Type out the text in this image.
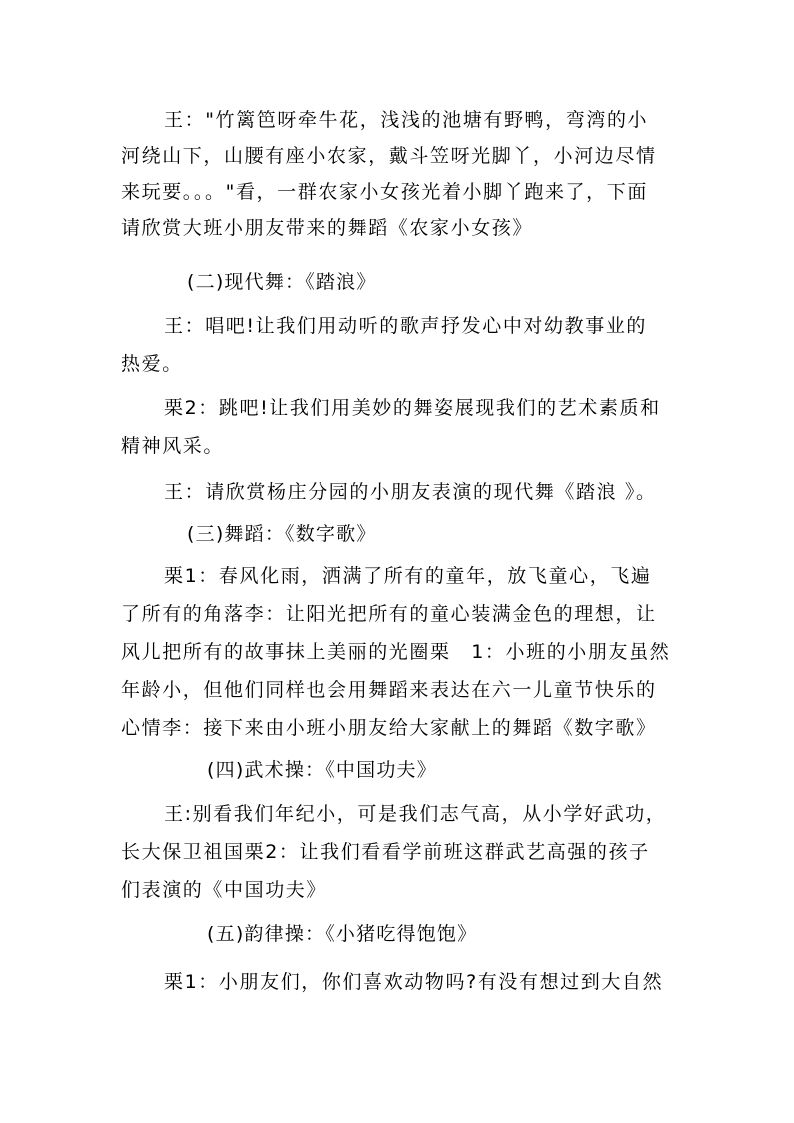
王："竹篱笆呀牵牛花，浅浅的池塘有野鸭，弯湾的小
河绕山下，山腰有座小农家，戴斗笠呀光脚丫，小河边尽情
来玩要。。。"看，一群农家小女孩光着小脚丫跑来了，下面
请欣赏大班小朋友带来的舞蹈《农家小女孩》
(二)现代舞：《踏浪》
王：唱吧!让我们用动听的歌声抒发心中对幼教事业的
热爱。
栗2：跳吧!让我们用美妙的舞姿展现我们的艺术素质和
精神风采。
王：请欣赏杨庄分园的小朋友表演的现代舞《踏浪 》。
(三)舞蹈：《数字歌》
栗1：春风化雨，洒满了所有的童年，放飞童心，飞遍
了所有的角落李：让阳光把所有的童心装满金色的理想，让
风儿把所有的故事抹上美丽的光圈栗　1：小班的小朋友虽然
年龄小，但他们同样也会用舞蹈来表达在六一儿童节快乐的
心情李：接下来由小班小朋友给大家献上的舞蹈《数字歌》
(四)武术操：《中国功夫》
王:别看我们年纪小，可是我们志气高，从小学好武功，
长大保卫祖国栗2：让我们看看学前班这群武艺高强的孩子
们表演的《中国功夫》
(五)韵律操：《小猪吃得饱饱》
栗1：小朋友们，你们喜欢动物吗?有没有想过到大自然
